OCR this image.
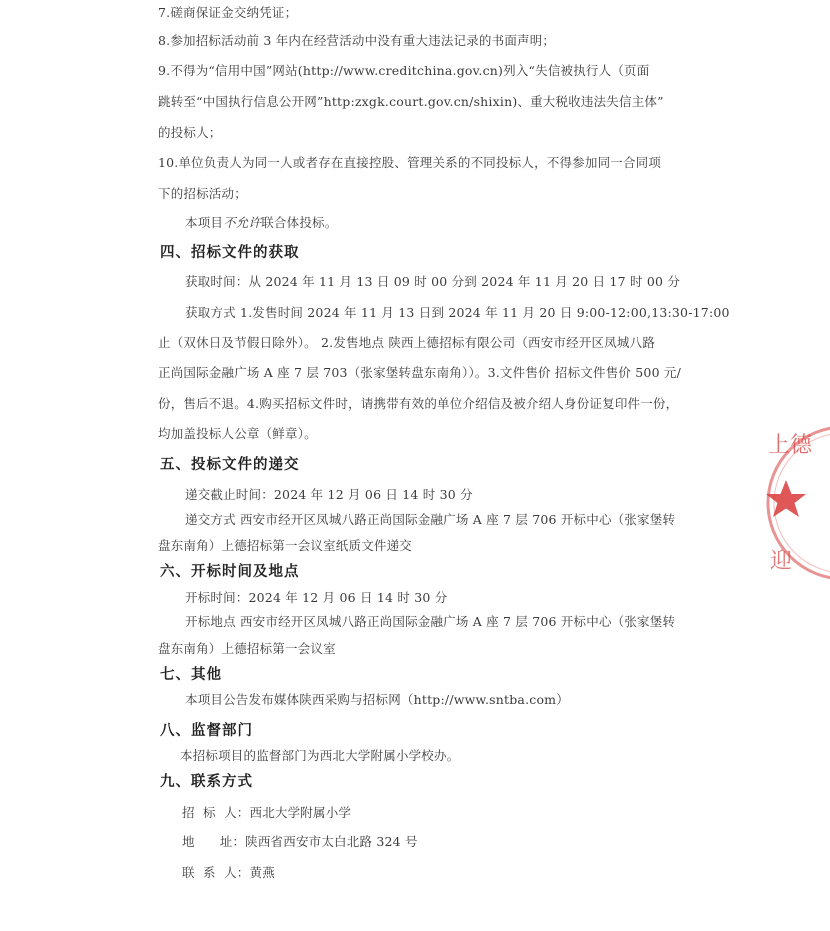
7.磋商保证金交纳凭证；
8.参加招标活动前 3 年内在经营活动中没有重大违法记录的书面声明；
9.不得为“信用中国”网站(http://www.creditchina.gov.cn)列入“失信被执行人（页面
跳转至“中国执行信息公开网”http:zxgk.court.gov.cn/shixin)、重大税收违法失信主体”
的投标人；
10.单位负责人为同一人或者存在直接控股、管理关系的不同投标人，不得参加同一合同项
下的招标活动；
本项目不允许联合体投标。
四、招标文件的获取
获取时间：从 2024 年 11 月 13 日 09 时 00 分到 2024 年 11 月 20 日 17 时 00 分
获取方式 1.发售时间 2024 年 11 月 13 日到 2024 年 11 月 20 日 9:00-12:00,13:30-17:00
止（双休日及节假日除外）。 2.发售地点 陕西上德招标有限公司（西安市经开区凤城八路
正尚国际金融广场 A 座 7 层 703（张家堡转盘东南角））。3.文件售价 招标文件售价 500 元/
份，售后不退。4.购买招标文件时，请携带有效的单位介绍信及被介绍人身份证复印件一份，
均加盖投标人公章（鲜章）。
五、投标文件的递交
递交截止时间：2024 年 12 月 06 日 14 时 30 分
递交方式 西安市经开区凤城八路正尚国际金融广场 A 座 7 层 706 开标中心（张家堡转
盘东南角）上德招标第一会议室纸质文件递交
六、开标时间及地点
开标时间：2024 年 12 月 06 日 14 时 30 分
开标地点 西安市经开区凤城八路正尚国际金融广场 A 座 7 层 706 开标中心（张家堡转
盘东南角）上德招标第一会议室
七、其他
本项目公告发布媒体陕西采购与招标网（http://www.sntba.com）
八、监督部门
本招标项目的监督部门为西北大学附属小学校办。
九、联系方式
招  标  人：西北大学附属小学
地      址：陕西省西安市太白北路 324 号
联  系  人：黄燕
上德
迎
